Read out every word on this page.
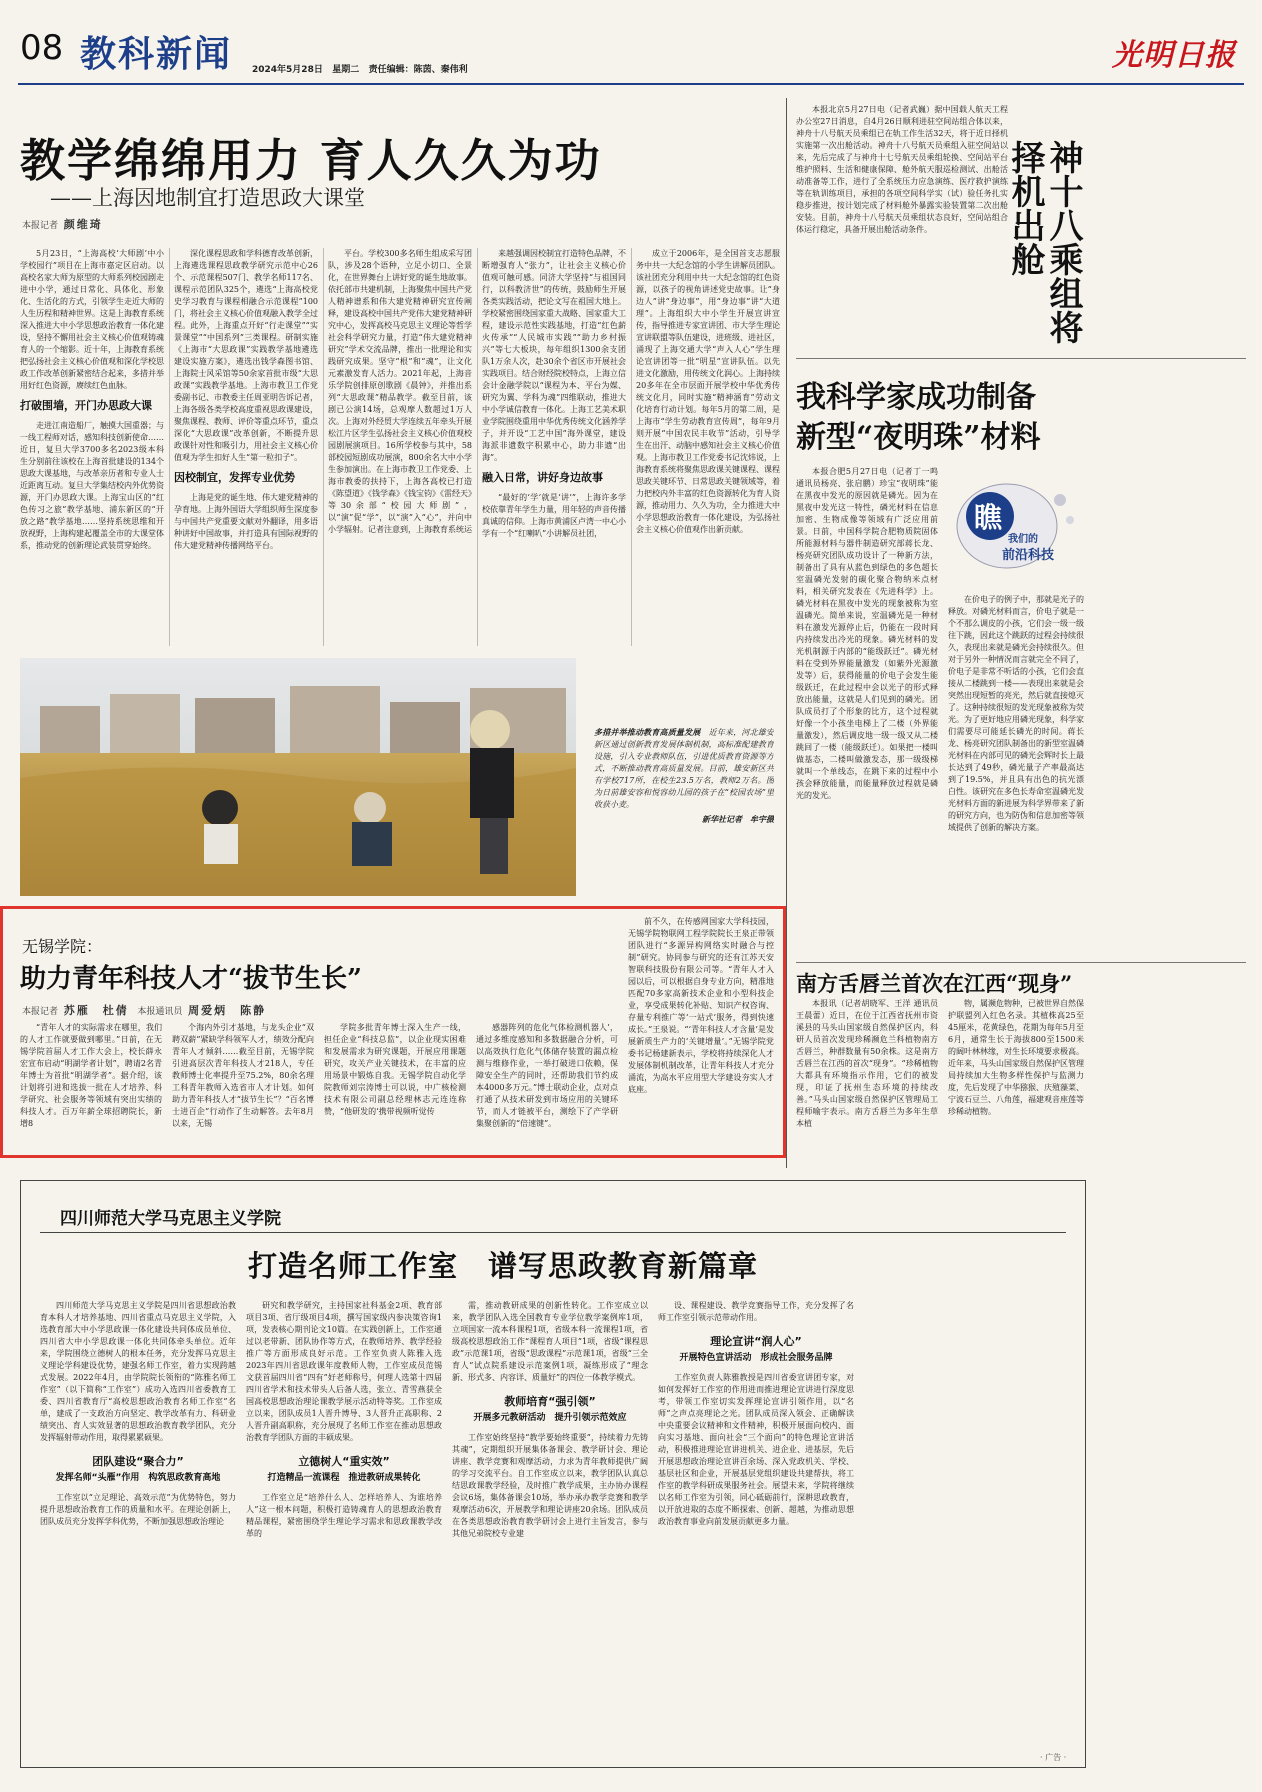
08 教科新闻 2024年5月28日 星期二 责任编辑：陈茵、秦伟利	光明日报
教学绵绵用力 育人久久为功
——上海因地制宜打造思政大课堂
本报记者 颜维琦

5月23日，“上海高校‘大师剧’中小学校园行”项目在上海市嘉定区启动。以高校名家大师为原型的大师系列校园剧走进中小学，通过日常化、具体化、形象化、生活化的方式，引领学生走近大师的人生历程和精神世界。这是上海教育系统深入推进大中小学思想政治教育一体化建设，坚持不懈用社会主义核心价值观铸魂育人的一个缩影。近十年，上海教育系统把弘扬社会主义核心价值观和深化学校思政工作改革创新紧密结合起来，多措并举用好红色资源，赓续红色血脉。

打破围墙，开门办思政大课

走进江南造船厂，触摸大国重器；与一线工程师对话，感知科技创新使命……近日，复旦大学3700多名2023级本科生分别前往该校在上海首批建设的134个思政大课基地，与改革亲历者和专业人士近距离互动。复旦大学集结校内外优势资源，开门办思政大课。上海宝山区的“红色传习之旅”教学基地、浦东新区的“开放之路”教学基地……坚持系统思维和开放视野，上海构建起覆盖全市的大课堂体系，推动党的创新理论武装贯穿始终。

深化课程思政和学科德育改革创新，上海遴选课程思政教学研究示范中心26个、示范课程507门、教学名师117名、课程示范团队325个，遴选“上海高校党史学习教育与课程相融合示范课程”100门，将社会主义核心价值观融入教学全过程。此外，上海重点开好“行走课堂”“实景课堂”“中国系列”三类课程。研制实施《上海市“大思政课”实践教学基地遴选建设实施方案》，遴选出钱学森图书馆、上海院士风采馆等50余家首批市级“大思政课”实践教学基地。上海市教卫工作党委副书记、市教委主任周亚明告诉记者，上海各级各类学校高度重视思政课建设，聚焦课程、教师、评价等重点环节，重点深化“大思政课”改革创新，不断提升思政课针对性和吸引力，用社会主义核心价值观为学生扣好人生“第一粒扣子”。

因校制宜，发挥专业优势

上海是党的诞生地、伟大建党精神的孕育地。上海外国语大学组织师生深度参与中国共产党重要文献对外翻译，用多语种讲好中国故事，并打造具有国际视野的伟大建党精神传播网络平台。

平台。学校300多名师生组成采写团队，涉及28个语种，立足小切口、全景化，在世界舞台上讲好党的诞生地故事。依托部市共建机制，上海聚焦中国共产党人精神谱系和伟大建党精神研究宣传阐释，建设高校中国共产党伟大建党精神研究中心，发挥高校马克思主义理论等哲学社会科学研究力量，打造“伟大建党精神研究”学术交流品牌，推出一批理论和实践研究成果。坚守“根”和“魂”，让文化元素激发育人活力。2021年起，上海音乐学院创排原创歌剧《晨钟》，并推出系列“大思政课”精品教学。截至目前，该剧已公演14场，总观摩人数超过1万人次。上海对外经贸大学连续五年牵头开展松江片区学生弘扬社会主义核心价值观校园剧展演项目。16所学校参与其中，58部校园短剧成功展演，800余名大中小学生参加演出。在上海市教卫工作党委、上海市教委的扶持下，上海各高校已打造《陈望道》《钱学森》《钱宝钧》《雷经天》等30余部“校园大师剧”，以“演”促“学”，以“演”入“心”，并向中小学辐射。记者注意到，上海教育系统运

来越强调因校制宜打造特色品牌，不断增强育人“张力”，让社会主义核心价值观可触可感。同济大学坚持“与祖国同行，以科教济世”的传统，鼓励师生开展各类实践活动，把论文写在祖国大地上。学校紧密围绕国家重大战略、国家重大工程，建设示范性实践基地，打造“红色薪火传承”“人民城市实践”“助力乡村振兴”等七大板块，每年组织1300余支团队1万余人次，赴30余个省区市开展社会实践项目。结合财经院校特点，上海立信会计金融学院以“课程为本、平台为媒、研究为翼、学科为魂”四维联动，推进大中小学诚信教育一体化。上海工艺美术职业学院围绕重用中华优秀传统文化涵养学子，并开设“工艺中国”海外课堂，建设海派非遗数字积累中心，助力非遗“出海”。

融入日常，讲好身边故事

“最好的‘学’就是‘讲’”，上海许多学校依靠青年学生力量，用年轻的声音传播真诚的信仰。上海市黄浦区卢湾一中心小学有一个“红喇叭”小讲解员社团，

成立于2006年，是全国首支志愿服务中共一大纪念馆的小学生讲解员团队。该社团充分利用中共一大纪念馆的红色资源，以孩子的视角讲述党史故事。让“身边人”讲“身边事”，用“身边事”讲“大道理”。上海组织大中小学生开展宣讲宣传，指导推进专家宣讲团、市大学生理论宣讲联盟等队伍建设，进班级、进社区，涌现了上海交通大学“声入人心”学生理论宣讲团等一批“明星”宣讲队伍。以先进文化激励，用传统文化润心。上海持续20多年在全市层面开展学校中华优秀传统文化月，同时实施“精神涵育”劳动文化培育行动计划。每年5月的第二周，是上海市“学生劳动教育宣传周”，每年9月则开展“中国农民丰收节”活动，引导学生在出汗、动脑中感知社会主义核心价值观。上海市教卫工作党委书记沈炜说，上海教育系统将聚焦思政课关键课程、课程思政关键环节、日常思政关键领域等，着力把校内外丰富的红色资源转化为育人资源，推动用力、久久为功，全力推进大中小学思想政治教育一体化建设，为弘扬社会主义核心价值观作出新贡献。

本报北京5月27日电（记者武巍）据中国载人航天工程办公室27日消息，自4月26日顺利进驻空间站组合体以来，神舟十八号航天员乘组已在轨工作生活32天，将于近日择机实施第一次出舱活动。神舟十八号航天员乘组入驻空间站以来，先后完成了与神舟十七号航天员乘组轮换、空间站平台维护照料、生活和健康保障、舱外航天服巡检测试、出舱活动准备等工作，进行了全系统压力应急演练、医疗救护演练等在轨训练项目，承担的各项空间科学实（试）验任务扎实稳步推进，按计划完成了材料舱外暴露实验装置第二次出舱安装。目前，神舟十八号航天员乘组状态良好，空间站组合体运行稳定，具备开展出舱活动条件。	神十八乘组将择机出舱
我科学家成功制备
新型“夜明珠”材料

本报合肥5月27日电（记者丁一鸣 通讯员杨亮、张启鹏）珍宝“夜明珠”能在黑夜中发光的原因就是磷光。因为在黑夜中发光这一特性，磷光材料在信息加密、生物成像等领域有广泛应用前景。日前，中国科学院合肥物质院固体所能源材料与器件制造研究部蒋长龙、杨亮研究团队成功设计了一种新方法，制备出了具有从蓝色到绿色的多色超长室温磷光发射的碳化聚合物纳米点材料，相关研究发表在《先进科学》上。磷光材料在黑夜中发光的现象被称为室温磷光。简单来说，室温磷光是一种材料在激发光源停止后，仍能在一段时间内持续发出冷光的现象。磷光材料的发光机制源于内部的“能级跃迁”。磷光材料在受到外界能量激发（如紫外光源激发等）后，获得能量的价电子会发生能级跃迁，在此过程中会以光子的形式释放出能量，这就是人们见到的磷光。团队成员打了个形象的比方，这个过程就好像一个小孩坐电梯上了二楼（外界能量激发），然后调皮地一级一级又从二楼跳回了一楼（能级跃迁）。如果把一楼叫做基态，二楼叫做激发态，那一级级梯就叫一个单线态，在跳下来的过程中小孩会释放能量，而能量释放过程就是磷光的发光。

瞧
我们的
前沿科技

在价电子的例子中，那就是光子的释放。对磷光材料而言，价电子就是一个不那么调皮的小孩，它们会一级一级往下跳，因此这个跳跃的过程会持续很久，表现出来就是磷光会持续很久。但对于另外一种情况而言就完全不同了，价电子是非常不听话的小孩，它们会直接从二楼跳到一楼——表现出来就是会突然出现短暂的亮光，然后就直接熄灭了。这种持续很短的发光现象被称为荧光。为了更好地应用磷光现象，科学家们需要尽可能延长磷光的时间。蒋长龙、杨亮研究团队制备出的新型室温磷光材料在内部可见的磷光会辉时长上最长达到了49秒，磷光量子产率最高达到了19.5%，并且具有出色的抗光漂白性。该研究在多色长寿命室温磷光发光材料方面的新进展为科学界带来了新的研究方向，也为防伪和信息加密等领域提供了创新的解决方案。

多措并举推动教育高质量发展 近年来，河北雄安新区通过创新教育发展体制机制，高标准配建教育设施，引入专业教师队伍，引进优质教育资源等方式，不断推动教育高质量发展。目前，雄安新区共有学校717所，在校生23.5万名，教师2万名。图为日前雄安容和悦容幼儿园的孩子在“校园农场”里收获小麦。

新华社记者　牟宇摄
无锡学院：
助力青年科技人才“拔节生长”
本报记者 苏雁　杜倩 本报通讯员 周爱炳　陈静

“青年人才的实际需求在哪里，我们的人才工作就要做到哪里。”日前，在无锡学院首届人才工作大会上，校长薛永宏宣布启动“明湖学者计划”，聘请2名青年博士为首批“明湖学者”。据介绍，该计划将引进和选拔一批在人才培养、科学研究、社会服务等领域有突出实绩的科技人才。百万年薪全球招聘院长，新增8

个海内外引才基地，与龙头企业“双聘双薪”紧缺学科领军人才，绩效分配向青年人才倾斜……截至目前，无锡学院引进高层次青年科技人才218人，专任教师博士化率提升至75.2%，80余名理工科青年教师入选省市人才计划。如何助力青年科技人才“拔节生长”？“百名博士进百企”行动作了生动解答。去年8月以来，无锡

学院多批青年博士深入生产一线，担任企业“科技总监”，以企业现实困难和发展需求为研究课题，开展应用课题研究，攻关产业关键技术，在丰富的应用场景中锻炼自我。无锡学院自动化学院教师刘宗涛博士可以说，中广核检测技术有限公司副总经理林志元连连称赞，“他研发的‘携带视频听觉传

感器阵列的危化气体检测机器人’，通过多维度感知和多数据融合分析，可以高效执行危化气体储存装置的漏点检测与维修作业，一举打破进口依赖，保障安全生产的同时，还帮助我们节约成本4000多万元。”博士联动企业，点对点打通了从技术研发到市场应用的关键环节，而人才链被平台，测绘下了产学研集聚创新的“倍速键”。

前不久，在传感网国家大学科技园，无锡学院物联网工程学院院长王泉正带领团队进行“多源异构网络实时融合与控制”研究。协同参与研究的还有江苏天安智联科技股份有限公司等。“青年人才入园以后，可以根据自身专业方向，精准地匹配70多家高新技术企业和小型科技企业，享受成果转化补贴、知识产权咨询、存量专利推广等‘一站式’服务，得到快速成长。”王泉说。“‘青年科技人才含量’是发展新质生产力的‘关键增量’。”无锡学院党委书记杨建新表示，学校将持续深化人才发展体制机制改革，让青年科技人才充分涌流，为高水平应用型大学建设夯实人才底座。

南方舌唇兰首次在江西“现身”

本报讯（记者胡晓军、王洋 通讯员王晨蕾）近日，在位于江西省抚州市资溪县的马头山国家级自然保护区内，科研人员首次发现珍稀濒危兰科植物南方舌唇兰，种群数量有50余株。这是南方舌唇兰在江西的首次“现身”。“珍稀植物大都具有环境指示作用，它们的被发现，印证了抚州生态环境的持续改善。”马头山国家级自然保护区管理局工程师喻宇表示。南方舌唇兰为多年生草本植

物，属濒危物种，已被世界自然保护联盟列入红色名录。其植株高25至45厘米，花黄绿色，花期为每年5月至6月，通常生长于海拔800至1500米的阔叶林林缘，对生长环境要求极高。近年来，马头山国家级自然保护区管理局持续加大生物多样性保护与监测力度，先后发现了中华猕猴、庆殖藻菜、宁波石豆兰、八角莲，福建观音座莲等珍稀动植物。

四川师范大学马克思主义学院
打造名师工作室　谱写思政教育新篇章

四川师范大学马克思主义学院是四川省思想政治教育本科人才培养基地、四川省重点马克思主义学院，入选教育部大中小学思政课一体化建设共同体成员单位、四川省大中小学思政课一体化共同体牵头单位。近年来，学院围绕立德树人的根本任务，充分发挥马克思主义理论学科建设优势，建强名师工作室，着力实现跨越式发展。2022年4月，由学院院长领衔的“陈雅名师工作室”（以下简称“工作室”）成功入选四川省委教育工委、四川省教育厅“高校思想政治教育名师工作室”名单，建成了一支政治方向坚定、教学改革有力、科研业绩突出、育人实效显著的思想政治教育教学团队，充分发挥辐射带动作用，取得累累硕果。

团队建设“聚合力”
发挥名师“头雁”作用　构筑思政教育高地

工作室以“立足理论、高效示范”为优势特色，努力提升思想政治教育工作的质量和水平。在理论创新上，团队成员充分发挥学科优势，不断加强思想政治理论

研究和教学研究，主持国家社科基金2项、教育部项目3项、省厅级项目4项，撰写国家级内参决策咨询1项，发表核心期刊论文10篇。在实践创新上，工作室通过以老带新、团队协作等方式，在教师培养、教学经验推广等方面形成良好示范。工作室负责人陈雅入选2023年四川省思政课年度教师人物，工作室成员范锡文获首届四川省“四有”好老师称号，何理人选第十四届四川省学术和技术带头人后备人选，张立、青雪燕获全国高校思想政治理论课教学展示活动特等奖。工作室成立以来，团队成员1人晋升博导、3人晋升正高职称、2人晋升副高职称，充分展现了名师工作室在推动思想政治教育学团队方面的丰硕成果。

立德树人“重实效”
打造精品一流课程　推进教研成果转化

工作室立足“培养什么人、怎样培养人、为谁培养人”这一根本问题，积极打造铸魂育人的思想政治教育精品课程，紧密围绕学生理论学习需求和思政课教学改革的

需，推动教研成果的创新性转化。工作室成立以来，教学团队入选全国教育专业学位教学案例库1项，立项国家一流本科课程1项，省级本科一流课程1项，省级高校思想政治工作“课程育人项目”1项，省级“课程思政”示范课1项，省级“思政课程”示范课1项，省级“三全育人”试点院系建设示范案例1项，凝练形成了“理念新、形式多、内容详、质量好”的四位一体教学模式。

教师培育“强引领”
开展多元教研活动　提升引领示范效应

工作室始终坚持“教学要始终重要”，持续着力先铸其魂”，定期组织开展集体备课会、教学研讨会、理论讲座、教学竞赛和观摩活动，力求为青年教师提供广阔的学习交流平台。自工作室成立以来，教学团队认真总结思政课教学经验，及时推广教学成果，主办协办课程会议6场，集体备课会10场，举办承办教学竞赛和教学观摩活动6次，开展教学和理论讲座20余场。团队成员在各类思想政治教育教学研讨会上进行主旨发言，参与其他兄弟院校专业建

设、课程建设、教学竞赛指导工作，充分发挥了名师工作室引领示范带动作用。

理论宣讲“润人心”
开展特色宣讲活动　形成社会服务品牌

工作室负责人陈雅教授是四川省委宣讲团专家，对如何发挥好工作室的作用进而推进理论宣讲进行深度思考，带领工作室切实发挥理论宣讲引领作用，以“名师”之声点亮理论之光。团队成员深入领会、正确解读中央重要会议精神和文件精神，积极开展面向校内、面向实习基地、面向社会“三个面向”的特色理论宣讲活动，积极推进理论宣讲进机关、进企业、进基层，先后开展思想政治理论宣讲百余场、深入党政机关、学校、基层社区和企业，开展基层党组织建设共建帮扶，将工作室的教学科研成果服务社会。展望未来，学院将继续以名师工作室为引领，同心砥砺前行，深耕思政教育，以开放进取的态度不断探索、创新、超越，为推动思想政治教育事业向前发展贡献更多力量。

· 广告 ·
